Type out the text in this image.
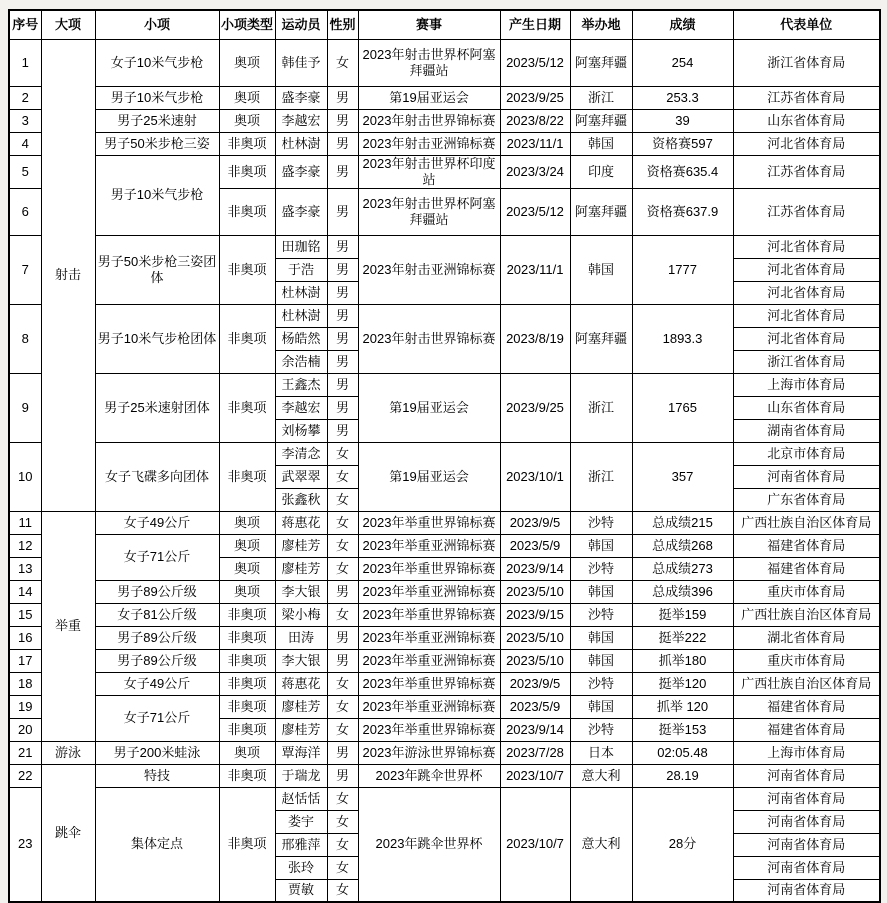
序号	大项	小项	小项类型	运动员	性别	赛事	产生日期	举办地	成绩	代表单位
1	射击	女子10米气步枪	奥项	韩佳予	女	2023年射击世界杯阿塞拜疆站	2023/5/12	阿塞拜疆	254	浙江省体育局
2		男子10米气步枪	奥项	盛李豪	男	第19届亚运会	2023/9/25	浙江	253.3	江苏省体育局
3		男子25米速射	奥项	李越宏	男	2023年射击世界锦标赛	2023/8/22	阿塞拜疆	39	山东省体育局
4		男子50米步枪三姿	非奥项	杜林澍	男	2023年射击亚洲锦标赛	2023/11/1	韩国	资格赛597	河北省体育局
5		男子10米气步枪	非奥项	盛李豪	男	2023年射击世界杯印度站	2023/3/24	印度	资格赛635.4	江苏省体育局
6			非奥项	盛李豪	男	2023年射击世界杯阿塞拜疆站	2023/5/12	阿塞拜疆	资格赛637.9	江苏省体育局
7		男子50米步枪三姿团体	非奥项	田珈铭	男	2023年射击亚洲锦标赛	2023/11/1	韩国	1777	河北省体育局
				于浩	男					河北省体育局
				杜林澍	男					河北省体育局
8		男子10米气步枪团体	非奥项	杜林澍	男	2023年射击世界锦标赛	2023/8/19	阿塞拜疆	1893.3	河北省体育局
				杨皓然	男					河北省体育局
				余浩楠	男					浙江省体育局
9		男子25米速射团体	非奥项	王鑫杰	男	第19届亚运会	2023/9/25	浙江	1765	上海市体育局
				李越宏	男					山东省体育局
				刘杨攀	男					湖南省体育局
10		女子飞碟多向团体	非奥项	李清念	女	第19届亚运会	2023/10/1	浙江	357	北京市体育局
				武翠翠	女					河南省体育局
				张鑫秋	女					广东省体育局
11	举重	女子49公斤	奥项	蒋惠花	女	2023年举重世界锦标赛	2023/9/5	沙特	总成绩215	广西壮族自治区体育局
12		女子71公斤	奥项	廖桂芳	女	2023年举重亚洲锦标赛	2023/5/9	韩国	总成绩268	福建省体育局
13			奥项	廖桂芳	女	2023年举重世界锦标赛	2023/9/14	沙特	总成绩273	福建省体育局
14		男子89公斤级	奥项	李大银	男	2023年举重亚洲锦标赛	2023/5/10	韩国	总成绩396	重庆市体育局
15		女子81公斤级	非奥项	梁小梅	女	2023年举重世界锦标赛	2023/9/15	沙特	挺举159	广西壮族自治区体育局
16		男子89公斤级	非奥项	田涛	男	2023年举重亚洲锦标赛	2023/5/10	韩国	挺举222	湖北省体育局
17		男子89公斤级	非奥项	李大银	男	2023年举重亚洲锦标赛	2023/5/10	韩国	抓举180	重庆市体育局
18		女子49公斤	非奥项	蒋惠花	女	2023年举重世界锦标赛	2023/9/5	沙特	挺举120	广西壮族自治区体育局
19		女子71公斤	非奥项	廖桂芳	女	2023年举重亚洲锦标赛	2023/5/9	韩国	抓举 120	福建省体育局
20			非奥项	廖桂芳	女	2023年举重世界锦标赛	2023/9/14	沙特	挺举153	福建省体育局
21	游泳	男子200米蛙泳	奥项	覃海洋	男	2023年游泳世界锦标赛	2023/7/28	日本	02:05.48	上海市体育局
22	跳伞	特技	非奥项	于瑞龙	男	2023年跳伞世界杯	2023/10/7	意大利	28.19	河南省体育局
23		集体定点	非奥项	赵恬恬	女	2023年跳伞世界杯	2023/10/7	意大利	28分	河南省体育局
				娄宇	女					河南省体育局
				邢雅萍	女					河南省体育局
				张玲	女					河南省体育局
				贾敏	女					河南省体育局
